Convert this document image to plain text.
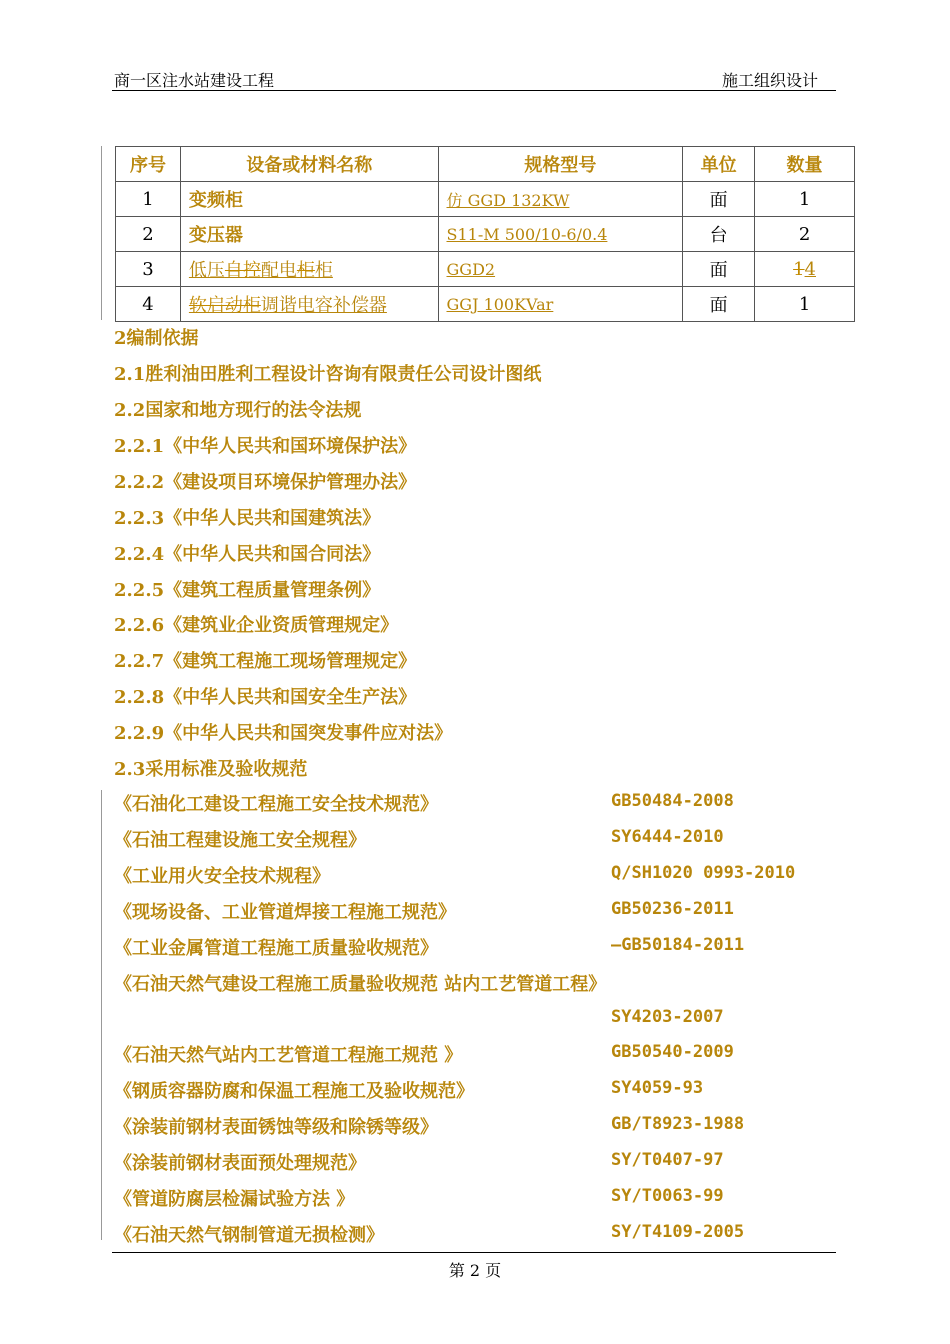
商一区注水站建设工程	施工组织设计
序号	设备或材料名称	规格型号	单位	数量
1	变频柜	仿 GGD 132KW	面	1
2	变压器	S11-M 500/10-6/0.4	台	2
3	低压自控配电柜柜	GGD2	面	14
4	软启动柜调谐电容补偿器	GGJ 100KVar	面	1
2编制依据
2.1胜利油田胜利工程设计咨询有限责任公司设计图纸
2.2国家和地方现行的法令法规
2.2.1《中华人民共和国环境保护法》
2.2.2《建设项目环境保护管理办法》
2.2.3《中华人民共和国建筑法》
2.2.4《中华人民共和国合同法》
2.2.5《建筑工程质量管理条例》
2.2.6《建筑业企业资质管理规定》
2.2.7《建筑工程施工现场管理规定》
2.2.8《中华人民共和国安全生产法》
2.2.9《中华人民共和国突发事件应对法》
2.3采用标准及验收规范
《石油化工建设工程施工安全技术规范》	GB50484-2008
《石油工程建设施工安全规程》	SY6444-2010
《工业用火安全技术规程》	Q/SH1020 0993-2010
《现场设备、工业管道焊接工程施工规范》	GB50236-2011
《工业金属管道工程施工质量验收规范》	—GB50184-2011
《石油天然气建设工程施工质量验收规范 站内工艺管道工程》
SY4203-2007
《石油天然气站内工艺管道工程施工规范 》	GB50540-2009
《钢质容器防腐和保温工程施工及验收规范》	SY4059-93
《涂装前钢材表面锈蚀等级和除锈等级》	GB/T8923-1988
《涂装前钢材表面预处理规范》	SY/T0407-97
《管道防腐层检漏试验方法 》	SY/T0063-99
《石油天然气钢制管道无损检测》	SY/T4109-2005
第 2 页
